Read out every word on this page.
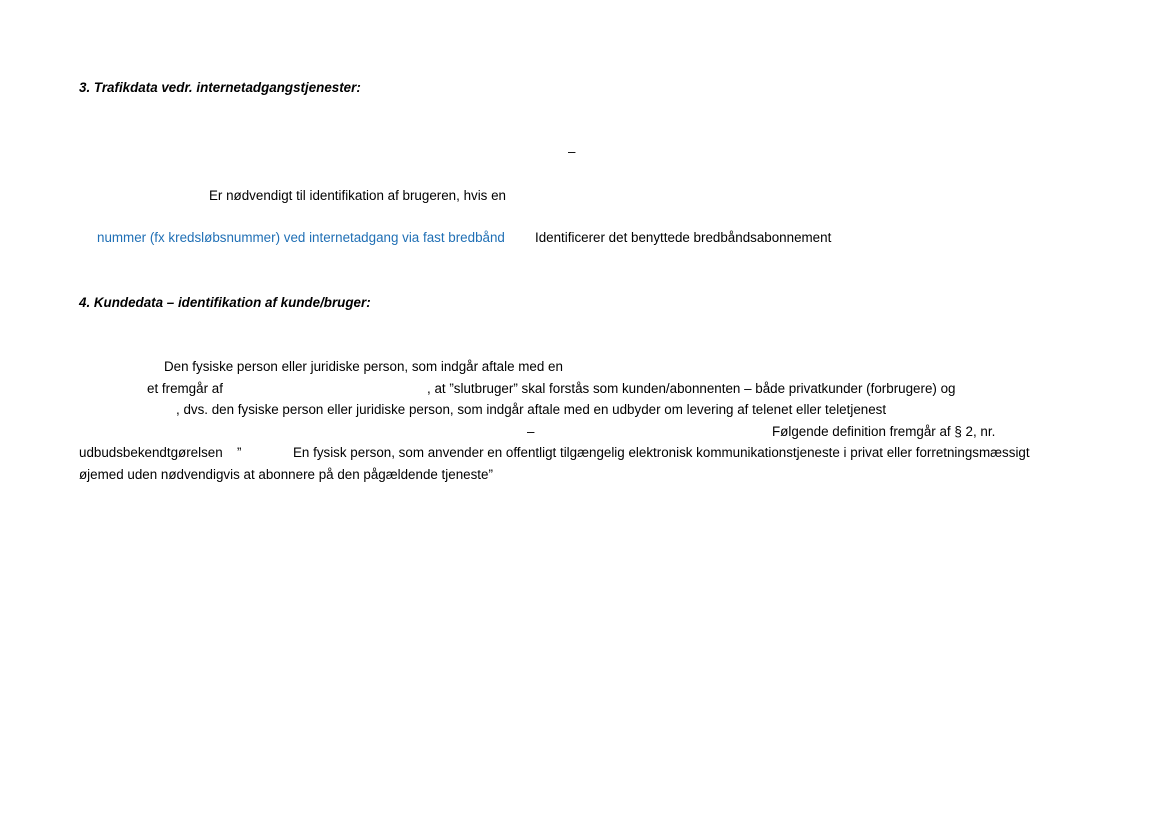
3. Trafikdata vedr. internetadgangstjenester:
–
Er nødvendigt til identifikation af brugeren, hvis en
nummer (fx kredsløbsnummer) ved internetadgang via fast bredbånd Identificerer det benyttede bredbåndsabonnement
4. Kundedata – identifikation af kunde/bruger:
Den fysiske person eller juridiske person, som indgår aftale med en
et fremgår af	, at ”slutbruger” skal forstås som kunden/abonnenten – både privatkunder (forbrugere) og
, dvs. den fysiske person eller juridiske person, som indgår aftale med en udbyder om levering af telenet eller teletjenest
–	Følgende definition fremgår af § 2, nr.
udbudsbekendtgørelsen ”	En fysisk person, som anvender en offentligt tilgængelig elektronisk kommunikationstjeneste i privat eller forretningsmæssigt
øjemed uden nødvendigvis at abonnere på den pågældende tjeneste”
